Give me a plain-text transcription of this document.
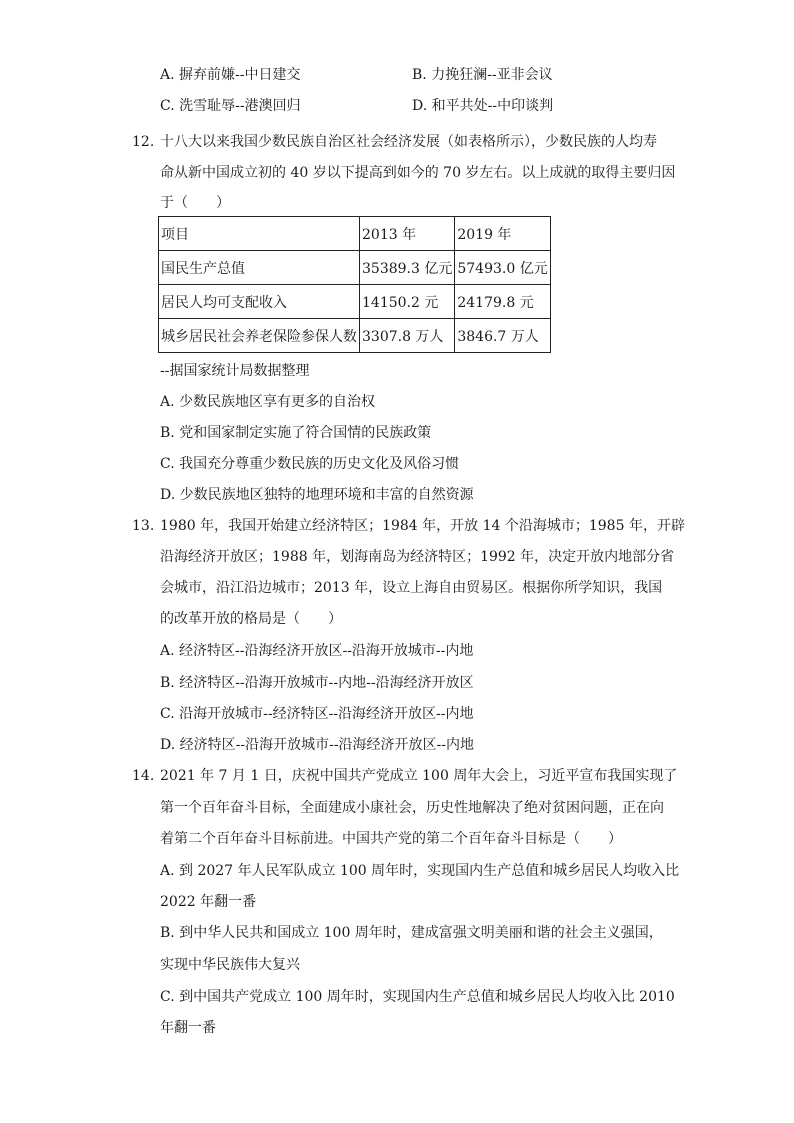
A. 摒弃前嫌--中日建交	B. 力挽狂澜--亚非会议
C. 洗雪耻辱--港澳回归	D. 和平共处--中印谈判
12. 十八大以来我国少数民族自治区社会经济发展（如表格所示），少数民族的人均寿
命从新中国成立初的 40 岁以下提高到如今的 70 岁左右。以上成就的取得主要归因
于（　　）
项目	2013 年	2019 年
国民生产总值	35389.3 亿元	57493.0 亿元
居民人均可支配收入	14150.2 元	24179.8 元
城乡居民社会养老保险参保人数	3307.8 万人	3846.7 万人
--据国家统计局数据整理
A. 少数民族地区享有更多的自治权
B. 党和国家制定实施了符合国情的民族政策
C. 我国充分尊重少数民族的历史文化及风俗习惯
D. 少数民族地区独特的地理环境和丰富的自然资源
13. 1980 年，我国开始建立经济特区；1984 年，开放 14 个沿海城市；1985 年，开辟
沿海经济开放区；1988 年，划海南岛为经济特区；1992 年，决定开放内地部分省
会城市，沿江沿边城市；2013 年，设立上海自由贸易区。根据你所学知识，我国
的改革开放的格局是（　　）
A. 经济特区--沿海经济开放区--沿海开放城市--内地
B. 经济特区--沿海开放城市--内地--沿海经济开放区
C. 沿海开放城市--经济特区--沿海经济开放区--内地
D. 经济特区--沿海开放城市--沿海经济开放区--内地
14. 2021 年 7 月 1 日，庆祝中国共产党成立 100 周年大会上，习近平宣布我国实现了
第一个百年奋斗目标，全面建成小康社会，历史性地解决了绝对贫困问题，正在向
着第二个百年奋斗目标前进。中国共产党的第二个百年奋斗目标是（　　）
A. 到 2027 年人民军队成立 100 周年时，实现国内生产总值和城乡居民人均收入比
2022 年翻一番
B. 到中华人民共和国成立 100 周年时，建成富强文明美丽和谐的社会主义强国，
实现中华民族伟大复兴
C. 到中国共产党成立 100 周年时，实现国内生产总值和城乡居民人均收入比 2010
年翻一番
